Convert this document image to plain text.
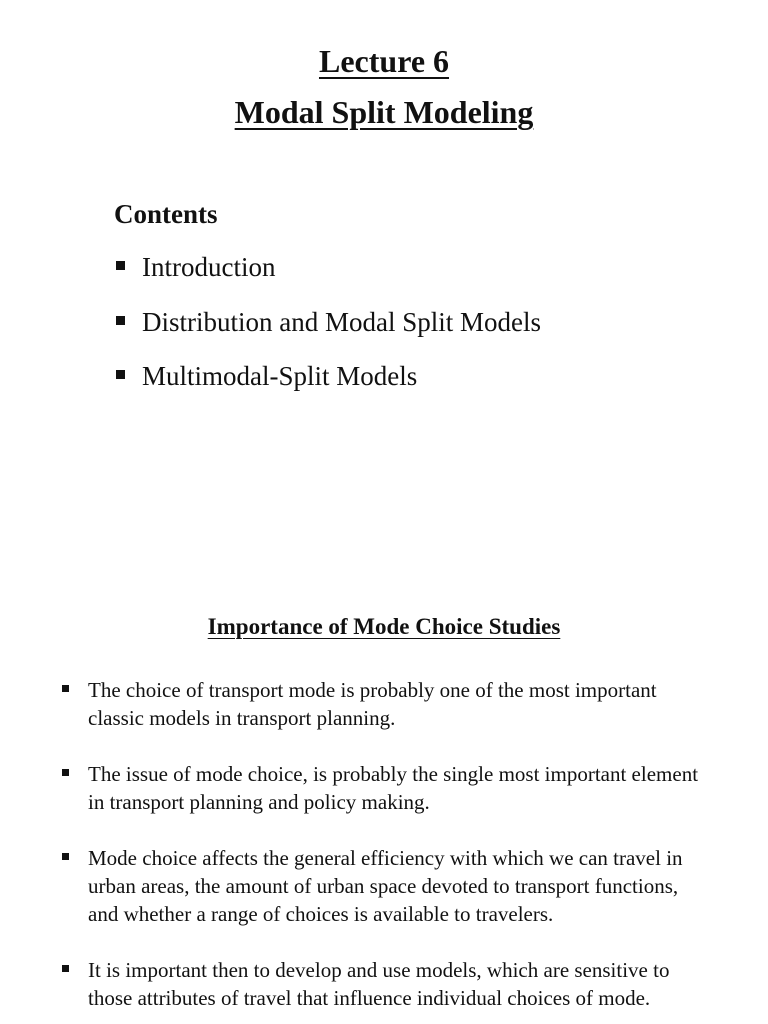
Lecture 6
Modal Split Modeling
Contents
Introduction
Distribution and Modal Split Models
Multimodal-Split Models
Importance of Mode Choice Studies
The choice of transport mode is probably one of the most important classic models in transport planning.
The issue of mode choice, is probably the single most important element in transport planning and policy making.
Mode choice affects the general efficiency with which we can travel in urban areas, the amount of urban space devoted to transport functions, and whether a range of choices is available to travelers.
It is important then to develop and use models, which are sensitive to those attributes of travel that influence individual choices of mode.
